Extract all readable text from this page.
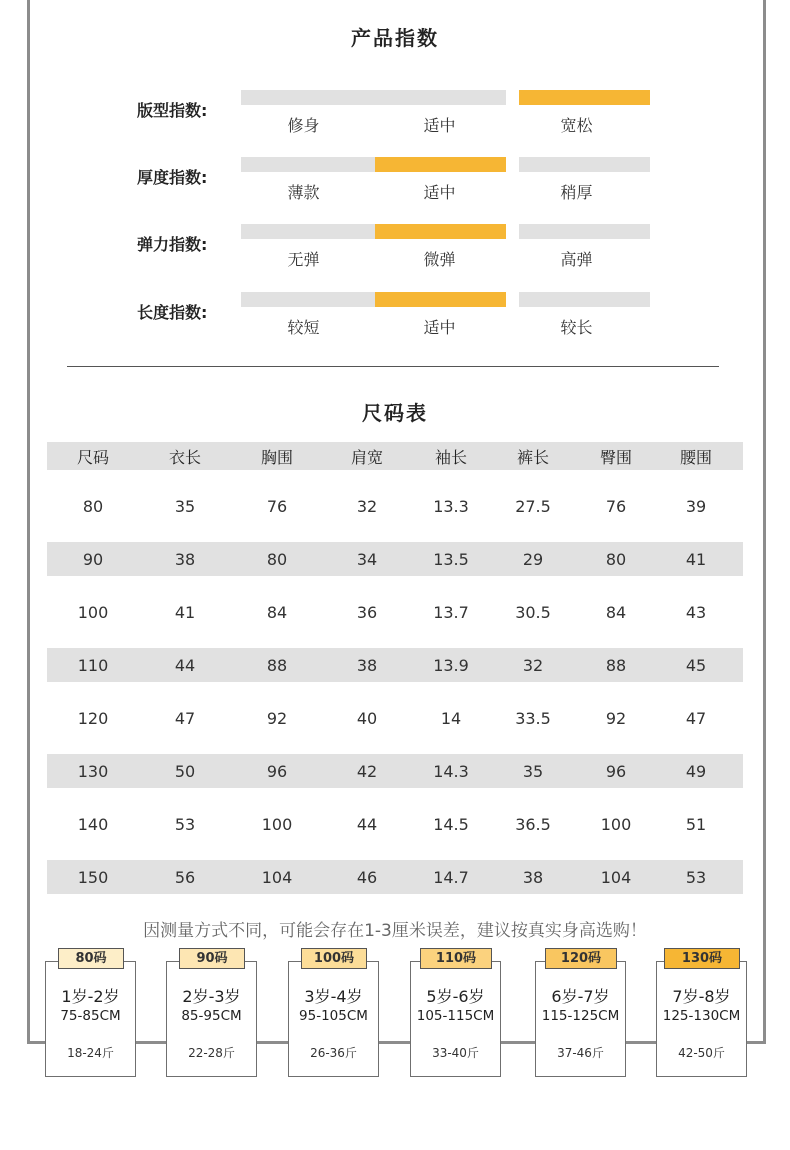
产品指数
版型指数:
修身	适中	宽松
厚度指数:
薄款	适中	稍厚
弹力指数:
无弹	微弹	高弹
长度指数:
较短	适中	较长
尺码表
尺码	衣长	胸围	肩宽	袖长	裤长	臀围	腰围
80	35	76	32	13.3	27.5	76	39
90	38	80	34	13.5	29	80	41
100	41	84	36	13.7	30.5	84	43
110	44	88	38	13.9	32	88	45
120	47	92	40	14	33.5	92	47
130	50	96	42	14.3	35	96	49
140	53	100	44	14.5	36.5	100	51
150	56	104	46	14.7	38	104	53
因测量方式不同，可能会存在1-3厘米误差，建议按真实身高选购！
1岁-2岁
75-85CM
18-24斤
80码
2岁-3岁
85-95CM
22-28斤
90码
3岁-4岁
95-105CM
26-36斤
100码
5岁-6岁
105-115CM
33-40斤
110码
6岁-7岁
115-125CM
37-46斤
120码
7岁-8岁
125-130CM
42-50斤
130码
